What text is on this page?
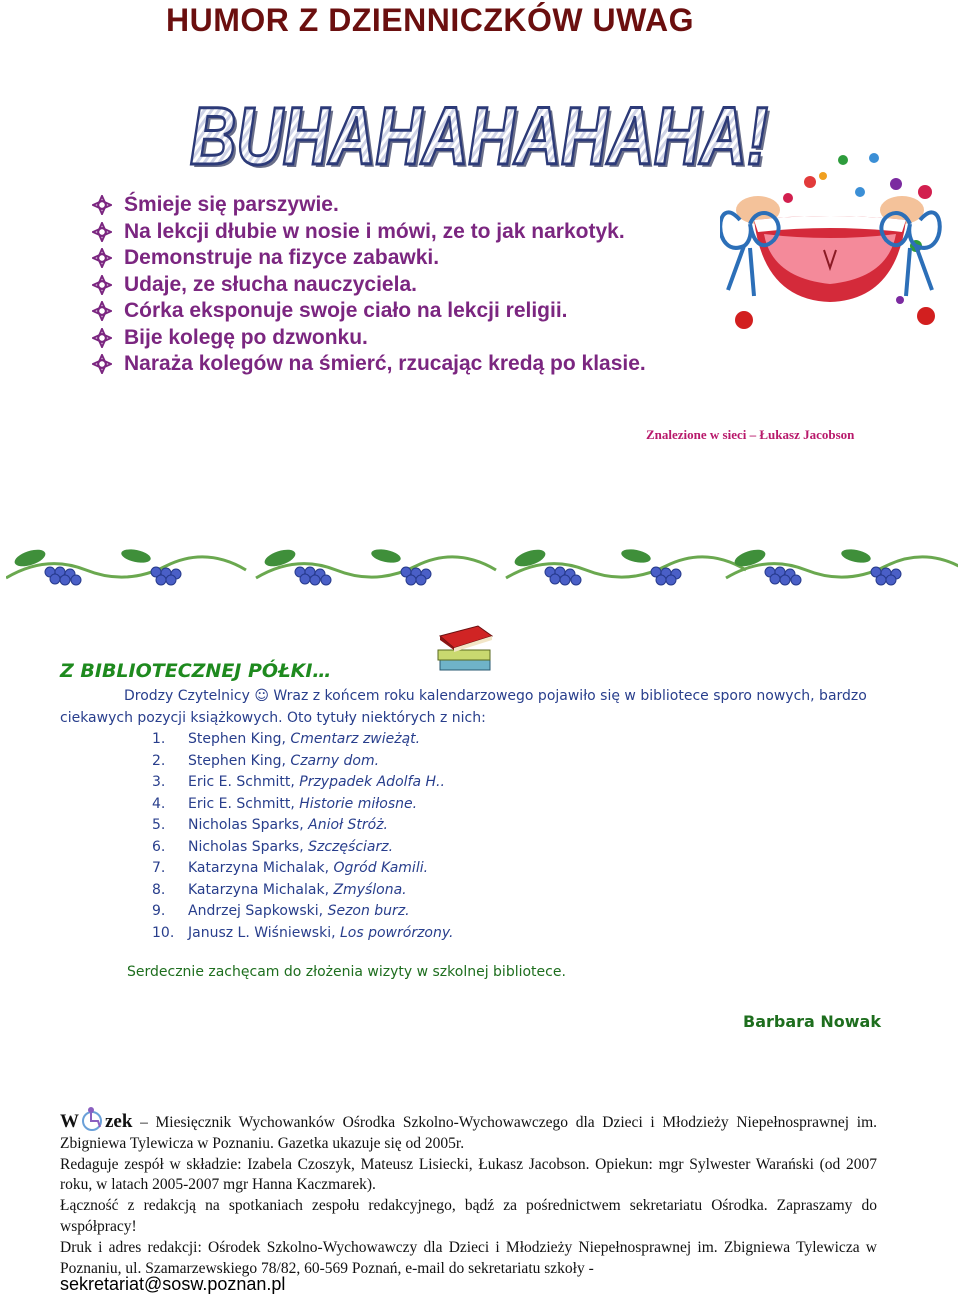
HUMOR Z DZIENNICZKÓW UWAG
BUHAHAHAHAHA!
BUHAHAHAHAHA!
Śmieje się parszywie.
Na lekcji dłubie w nosie i mówi, ze to jak narkotyk.
Demonstruje na fizyce zabawki.
Udaje, ze słucha nauczyciela.
Córka eksponuje swoje ciało na lekcji religii.
Bije kolegę po dzwonku.
Naraża kolegów na śmierć, rzucając kredą po klasie.
Znalezione w sieci – Łukasz Jacobson
Z BIBLIOTECZNEJ PÓŁKI…
Drodzy Czytelnicy ☺ Wraz z końcem roku kalendarzowego pojawiło się w bibliotece sporo nowych, bardzo ciekawych pozycji książkowych. Oto tytuły niektórych z nich:
1. Stephen King, Cmentarz zwieżąt.
2. Stephen King, Czarny dom.
3. Eric E. Schmitt, Przypadek Adolfa H..
4. Eric E. Schmitt, Historie miłosne.
5. Nicholas Sparks, Anioł Stróż.
6. Nicholas Sparks, Szczęściarz.
7. Katarzyna Michalak, Ogród Kamili.
8. Katarzyna Michalak, Zmyślona.
9. Andrzej Sapkowski, Sezon burz.
10. Janusz L. Wiśniewski, Los powrórzony.
Serdecznie zachęcam do złożenia wizyty w szkolnej bibliotece.
Barbara Nowak

W zek – Miesięcznik Wychowanków Ośrodka Szkolno-Wychowawczego dla Dzieci i Młodzieży Niepełnosprawnej im. Zbigniewa Tylewicza w Poznaniu. Gazetka ukazuje się od 2005r.

Redaguje zespół w składzie: Izabela Czoszyk, Mateusz Lisiecki, Łukasz Jacobson. Opiekun: mgr Sylwester Warański (od 2007 roku, w latach 2005-2007 mgr Hanna Kaczmarek).

Łączność z redakcją na spotkaniach zespołu redakcyjnego, bądź za pośrednictwem sekretariatu Ośrodka. Zapraszamy do współpracy!

Druk i adres redakcji: Ośrodek Szkolno-Wychowawczy dla Dzieci i Młodzieży Niepełnosprawnej im. Zbigniewa Tylewicza w Poznaniu, ul. Szamarzewskiego 78/82, 60-569 Poznań, e-mail do sekretariatu szkoły -

sekretariat@sosw.poznan.pl
